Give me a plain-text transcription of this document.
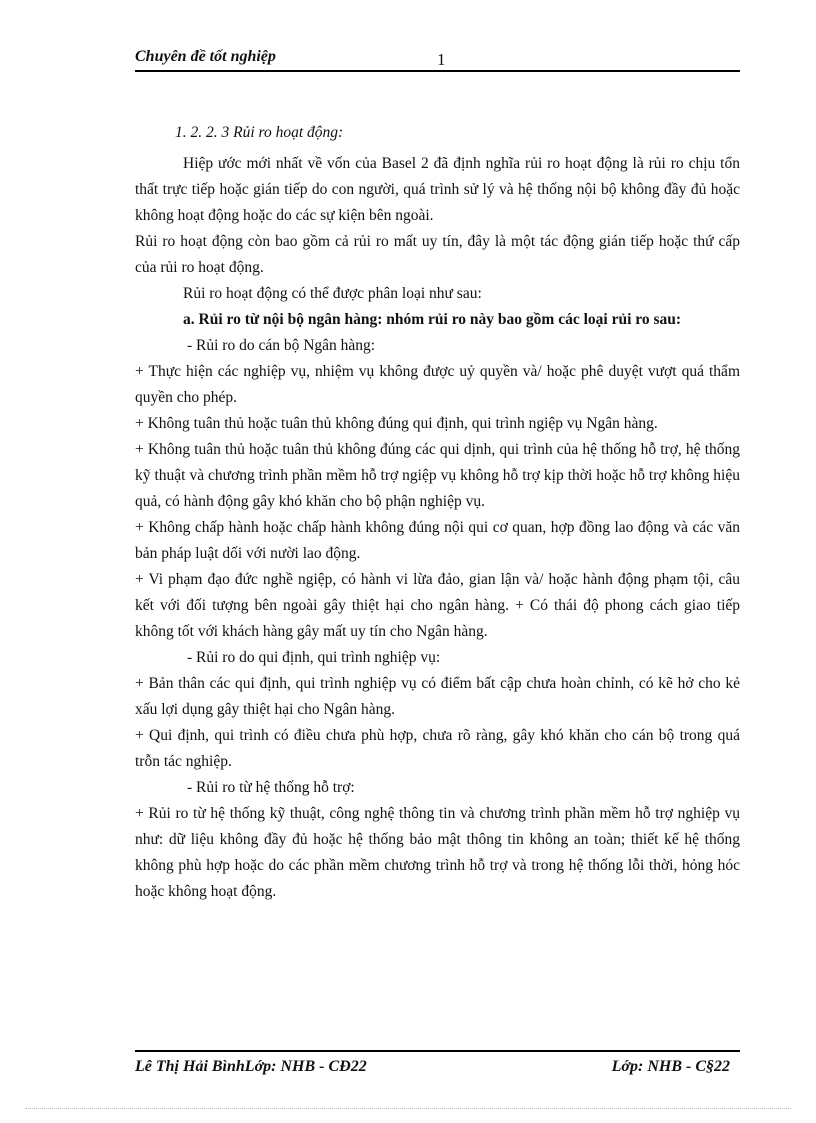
Chuyên đề tốt nghiệp	1

1. 2. 2. 3 Rủi ro hoạt động:

Hiệp ước mới nhất về vốn của Basel 2 đã định nghĩa rủi ro hoạt động là rủi ro chịu tổn thất trực tiếp hoặc gián tiếp do con người, quá trình sử lý và hệ thống nội bộ không đầy đủ hoặc không hoạt động hoặc do các sự kiện bên ngoài.

Rủi ro hoạt động còn bao gồm cả rủi ro mất uy tín, đây là một tác động gián tiếp hoặc thứ cấp của rủi ro hoạt động.

Rủi ro hoạt động có thể được phân loại như sau:

a. Rủi ro từ nội bộ ngân hàng: nhóm rủi ro này bao gồm các loại rủi ro sau:

- Rủi ro do cán bộ Ngân hàng:

+ Thực hiện các nghiệp vụ, nhiệm vụ không được uỷ quyền và/ hoặc phê duyệt vượt quá thẩm quyền cho phép.

+ Không tuân thủ hoặc tuân thủ không đúng qui định, qui trình ngiệp vụ Ngân hàng.

+ Không tuân thủ hoặc tuân thủ không đúng các qui dịnh, qui trình của hệ thống hỗ trợ, hệ thống kỹ thuật và chương trình phần mềm hỗ trợ ngiệp vụ không hỗ trợ kịp thời hoặc hỗ trợ không hiệu quả, có hành động gây khó khăn cho bộ phận nghiệp vụ.

+ Không chấp hành hoặc chấp hành không đúng nội qui cơ quan, hợp đồng lao động và các văn bản pháp luật dối với nười lao động.

+ Vi phạm đạo đức nghề ngiệp, có hành vi lừa đảo, gian lận và/ hoặc hành động phạm tội, câu kết với đối tượng bên ngoài gây thiệt hại cho ngân hàng. + Có thái độ phong cách giao tiếp không tốt với khách hàng gây mất uy tín cho Ngân hàng.

- Rủi ro do qui định, qui trình nghiệp vụ:

+ Bản thân các qui định, qui trình nghiệp vụ có điểm bất cập chưa hoàn chỉnh, có kẽ hở cho kẻ xấu lợi dụng gây thiệt hại cho Ngân hàng.

+ Qui định, qui trình có điều chưa phù hợp, chưa rõ ràng, gây khó khăn cho cán bộ trong quá trỗn tác nghiệp.

- Rủi ro từ hệ thống hỗ trợ:

+ Rủi ro từ hệ thống kỹ thuật, công nghệ thông tin và chương trình phần mềm hỗ trợ nghiệp vụ như: dữ liệu không đầy đủ hoặc hệ thống bảo mật thông tin không an toàn; thiết kế hệ thống không phù hợp hoặc do các phần mềm chương trình hỗ trợ và trong hệ thống lỗi thời, hỏng hóc hoặc không hoạt động.

Lê Thị Hải BìnhLớp: NHB - CĐ22	Lớp: NHB - C§22
